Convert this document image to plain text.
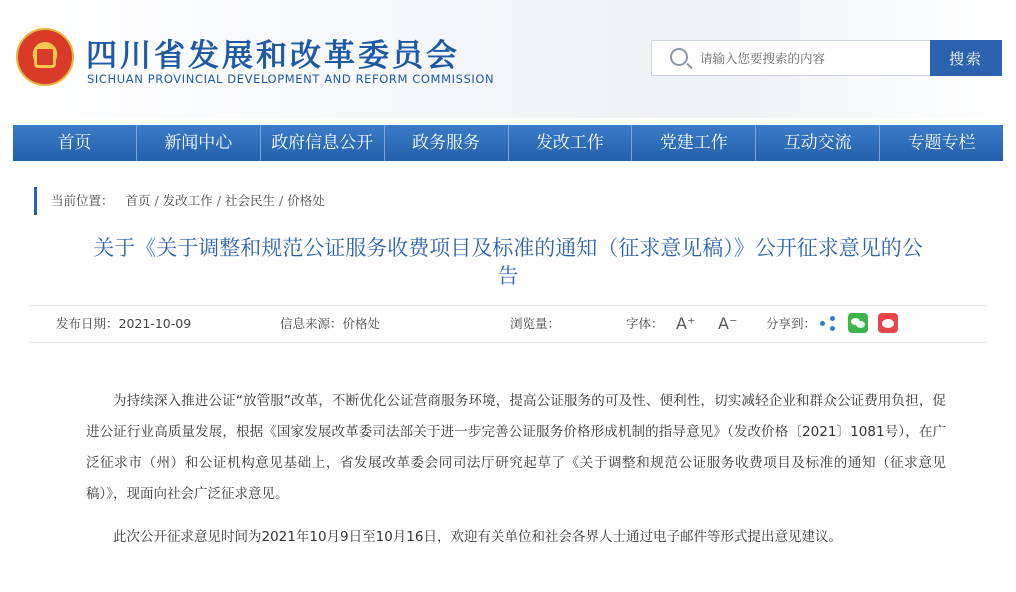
四川省发展和改革委员会
SICHUAN PROVINCIAL DEVELOPMENT AND REFORM COMMISSION
请输入您要搜索的内容
搜索
首页	新闻中心	政府信息公开	政务服务	发改工作	党建工作	互动交流	专题专栏
当前位置： 首页 / 发改工作 / 社会民生 / 价格处
关于《关于调整和规范公证服务收费项目及标准的通知（征求意见稿）》公开征求意见的公告
发布日期：2021-10-09	信息来源：价格处	浏览量：	字体： A⁺ A⁻ 分享到：

为持续深入推进公证“放管服”改革，不断优化公证营商服务环境，提高公证服务的可及性、便利性，切实减轻企业和群众公证费用负担，促进公证行业高质量发展，根据《国家发展改革委司法部关于进一步完善公证服务价格形成机制的指导意见》（发改价格〔2021〕1081号），在广泛征求市（州）和公证机构意见基础上，省发展改革委会同司法厅研究起草了《关于调整和规范公证服务收费项目及标准的通知（征求意见稿）》，现面向社会广泛征求意见。

此次公开征求意见时间为2021年10月9日至10月16日，欢迎有关单位和社会各界人士通过电子邮件等形式提出意见建议。
